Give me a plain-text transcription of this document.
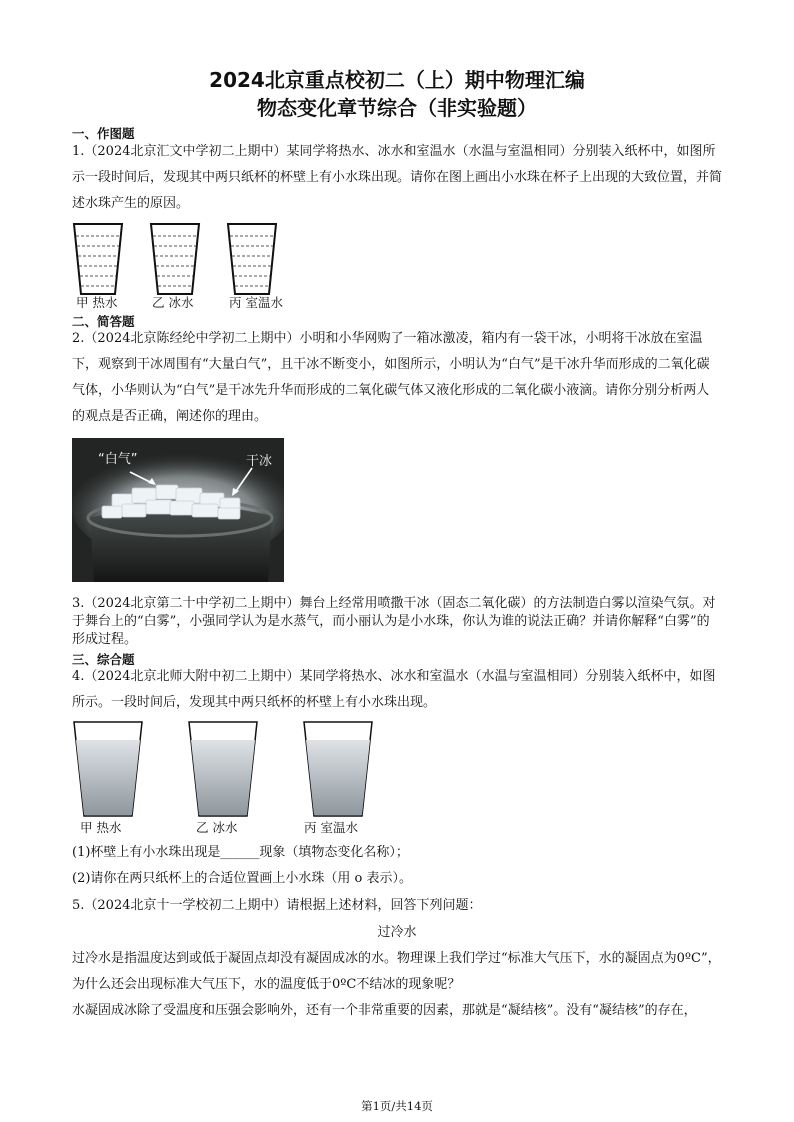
2024北京重点校初二（上）期中物理汇编
物态变化章节综合（非实验题）
一、作图题
1.（2024北京汇文中学初二上期中）某同学将热水、冰水和室温水（水温与室温相同）分别装入纸杯中，如图所示一段时间后，发现其中两只纸杯的杯壁上有小水珠出现。请你在图上画出小水珠在杯子上出现的大致位置，并简述水珠产生的原因。
甲 热水	乙 冰水	丙 室温水
二、简答题
2.（2024北京陈经纶中学初二上期中）小明和小华网购了一箱冰激凌，箱内有一袋干冰，小明将干冰放在室温下，观察到干冰周围有“大量白气”，且干冰不断变小，如图所示，小明认为“白气”是干冰升华而形成的二氧化碳气体，小华则认为“白气”是干冰先升华而形成的二氧化碳气体又液化形成的二氧化碳小液滴。请你分别分析两人的观点是否正确，阐述你的理由。
“白气”	干冰
3.（2024北京第二十中学初二上期中）舞台上经常用喷撒干冰（固态二氧化碳）的方法制造白雾以渲染气氛。对于舞台上的“白雾”，小强同学认为是水蒸气，而小丽认为是小水珠，你认为谁的说法正确？并请你解释“白雾”的形成过程。
三、综合题
4.（2024北京北师大附中初二上期中）某同学将热水、冰水和室温水（水温与室温相同）分别装入纸杯中，如图所示。一段时间后，发现其中两只纸杯的杯壁上有小水珠出现。
甲 热水	乙 冰水	丙 室温水
(1)杯壁上有小水珠出现是______现象（填物态变化名称）；
(2)请你在两只纸杯上的合适位置画上小水珠（用 o 表示）。
5.（2024北京十一学校初二上期中）请根据上述材料，回答下列问题：
过冷水
过冷水是指温度达到或低于凝固点却没有凝固成冰的水。物理课上我们学过“标准大气压下，水的凝固点为0ºC”，为什么还会出现标准大气压下，水的温度低于0ºC不结冰的现象呢？
水凝固成冰除了受温度和压强会影响外，还有一个非常重要的因素，那就是“凝结核”。没有“凝结核”的存在，
第1页/共14页
